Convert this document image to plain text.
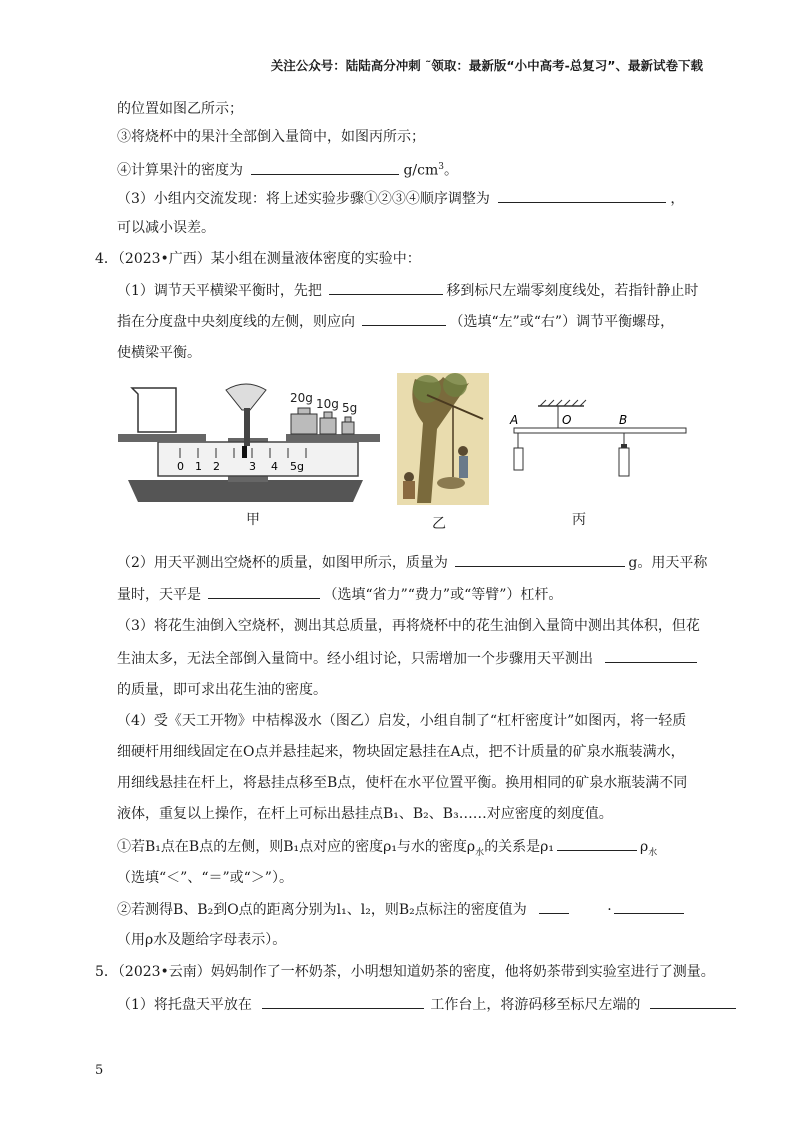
关注公众号：陆陆高分冲刺 ˜领取：最新版“小中高考-总复习”、最新试卷下载
的位置如图乙所示；
③将烧杯中的果汁全部倒入量筒中，如图丙所示；
④计算果汁的密度为	$g/cm^3$。
（3）小组内交流发现：将上述实验步骤①②③④顺序调整为	，
可以减小误差。
4．（2023•广西）某小组在测量液体密度的实验中：
（1）调节天平横梁平衡时，先把	移到标尺左端零刻度线处，若指针静止时
指在分度盘中央刻度线的左侧，则应向	（选填“左”或“右”）调节平衡螺母，
使横梁平衡。
20g 10g 5g
0 1 2	3 4 5g
A	O	B
甲	乙	丙
（2）用天平测出空烧杯的质量，如图甲所示，质量为	g。用天平称
量时，天平是	（选填“省力”“费力”或“等臂”）杠杆。
（3）将花生油倒入空烧杯，测出其总质量，再将烧杯中的花生油倒入量筒中测出其体积，但花
生油太多，无法全部倒入量筒中。经小组讨论，只需增加一个步骤用天平测出
的质量，即可求出花生油的密度。
（4）受《天工开物》中桔槔汲水（图乙）启发，小组自制了“杠杆密度计”如图丙，将一轻质
细硬杆用细线固定在O点并悬挂起来，物块固定悬挂在A点，把不计质量的矿泉水瓶装满水，
用细线悬挂在杆上，将悬挂点移至B点，使杆在水平位置平衡。换用相同的矿泉水瓶装满不同
液体，重复以上操作，在杆上可标出悬挂点B₁、B₂、B₃……对应密度的刻度值。
①若B₁点在B点的左侧，则B₁点对应的密度ρ₁与水的密度$\rho_水$的关系是ρ₁	$\rho_水$
（选填“＜”、“＝”或“＞”）。
②若测得B、B₂到O点的距离分别为l₁、l₂，则B₂点标注的密度值为	·
（用ρ水及题给字母表示）。
5．（2023•云南）妈妈制作了一杯奶茶，小明想知道奶茶的密度，他将奶茶带到实验室进行了测量。
（1）将托盘天平放在	工作台上，将游码移至标尺左端的
5
